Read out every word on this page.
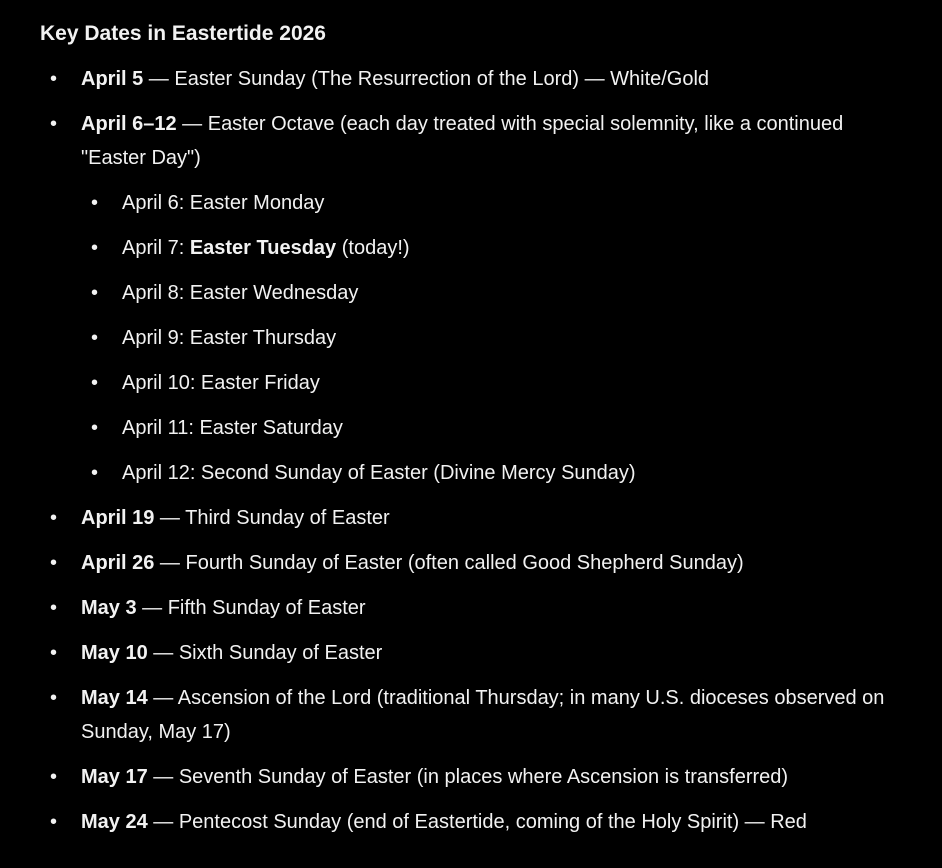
Key Dates in Eastertide 2026
• April 5 — Easter Sunday (The Resurrection of the Lord) — White/Gold
• April 6–12 — Easter Octave (each day treated with special solemnity, like a continued "Easter Day")
• April 6: Easter Monday
• April 7: Easter Tuesday (today!)
• April 8: Easter Wednesday
• April 9: Easter Thursday
• April 10: Easter Friday
• April 11: Easter Saturday
• April 12: Second Sunday of Easter (Divine Mercy Sunday)
• April 19 — Third Sunday of Easter
• April 26 — Fourth Sunday of Easter (often called Good Shepherd Sunday)
• May 3 — Fifth Sunday of Easter
• May 10 — Sixth Sunday of Easter
• May 14 — Ascension of the Lord (traditional Thursday; in many U.S. dioceses observed on Sunday, May 17)
• May 17 — Seventh Sunday of Easter (in places where Ascension is transferred)
• May 24 — Pentecost Sunday (end of Eastertide, coming of the Holy Spirit) — Red
